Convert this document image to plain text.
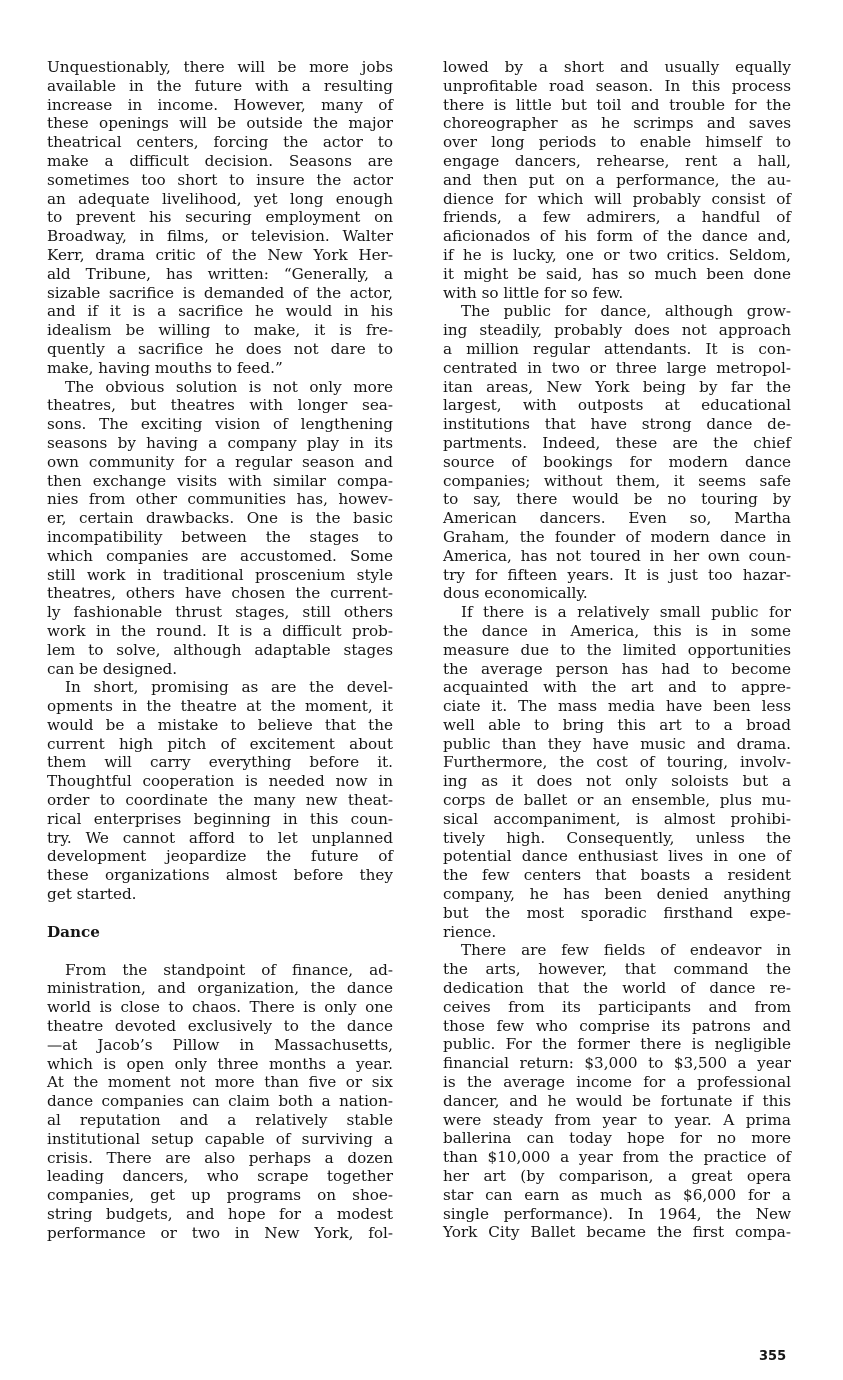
Unquestionably, there will be more jobs
available in the future with a resulting
increase in income. However, many of
these openings will be outside the major
theatrical centers, forcing the actor to
make a difficult decision. Seasons are
sometimes too short to insure the actor
an adequate livelihood, yet long enough
to prevent his securing employment on
Broadway, in films, or television. Walter
Kerr, drama critic of the New York Her-
ald Tribune, has written: “Generally, a
sizable sacrifice is demanded of the actor,
and if it is a sacrifice he would in his
idealism be willing to make, it is fre-
quently a sacrifice he does not dare to
make, having mouths to feed.”
The obvious solution is not only more
theatres, but theatres with longer sea-
sons. The exciting vision of lengthening
seasons by having a company play in its
own community for a regular season and
then exchange visits with similar compa-
nies from other communities has, howev-
er, certain drawbacks. One is the basic
incompatibility between the stages to
which companies are accustomed. Some
still work in traditional proscenium style
theatres, others have chosen the current-
ly fashionable thrust stages, still others
work in the round. It is a difficult prob-
lem to solve, although adaptable stages
can be designed.
In short, promising as are the devel-
opments in the theatre at the moment, it
would be a mistake to believe that the
current high pitch of excitement about
them will carry everything before it.
Thoughtful cooperation is needed now in
order to coordinate the many new theat-
rical enterprises beginning in this coun-
try. We cannot afford to let unplanned
development jeopardize the future of
these organizations almost before they
get started.
Dance
From the standpoint of finance, ad-
ministration, and organization, the dance
world is close to chaos. There is only one
theatre devoted exclusively to the dance
—at Jacob’s Pillow in Massachusetts,
which is open only three months a year.
At the moment not more than five or six
dance companies can claim both a nation-
al reputation and a relatively stable
institutional setup capable of surviving a
crisis. There are also perhaps a dozen
leading dancers, who scrape together
companies, get up programs on shoe-
string budgets, and hope for a modest
performance or two in New York, fol-
lowed by a short and usually equally
unprofitable road season. In this process
there is little but toil and trouble for the
choreographer as he scrimps and saves
over long periods to enable himself to
engage dancers, rehearse, rent a hall,
and then put on a performance, the au-
dience for which will probably consist of
friends, a few admirers, a handful of
aficionados of his form of the dance and,
if he is lucky, one or two critics. Seldom,
it might be said, has so much been done
with so little for so few.
The public for dance, although grow-
ing steadily, probably does not approach
a million regular attendants. It is con-
centrated in two or three large metropol-
itan areas, New York being by far the
largest, with outposts at educational
institutions that have strong dance de-
partments. Indeed, these are the chief
source of bookings for modern dance
companies; without them, it seems safe
to say, there would be no touring by
American dancers. Even so, Martha
Graham, the founder of modern dance in
America, has not toured in her own coun-
try for fifteen years. It is just too hazar-
dous economically.
If there is a relatively small public for
the dance in America, this is in some
measure due to the limited opportunities
the average person has had to become
acquainted with the art and to appre-
ciate it. The mass media have been less
well able to bring this art to a broad
public than they have music and drama.
Furthermore, the cost of touring, involv-
ing as it does not only soloists but a
corps de ballet or an ensemble, plus mu-
sical accompaniment, is almost prohibi-
tively high. Consequently, unless the
potential dance enthusiast lives in one of
the few centers that boasts a resident
company, he has been denied anything
but the most sporadic firsthand expe-
rience.
There are few fields of endeavor in
the arts, however, that command the
dedication that the world of dance re-
ceives from its participants and from
those few who comprise its patrons and
public. For the former there is negligible
financial return: $3,000 to $3,500 a year
is the average income for a professional
dancer, and he would be fortunate if this
were steady from year to year. A prima
ballerina can today hope for no more
than $10,000 a year from the practice of
her art (by comparison, a great opera
star can earn as much as $6,000 for a
single performance). In 1964, the New
York City Ballet became the first compa-
355
